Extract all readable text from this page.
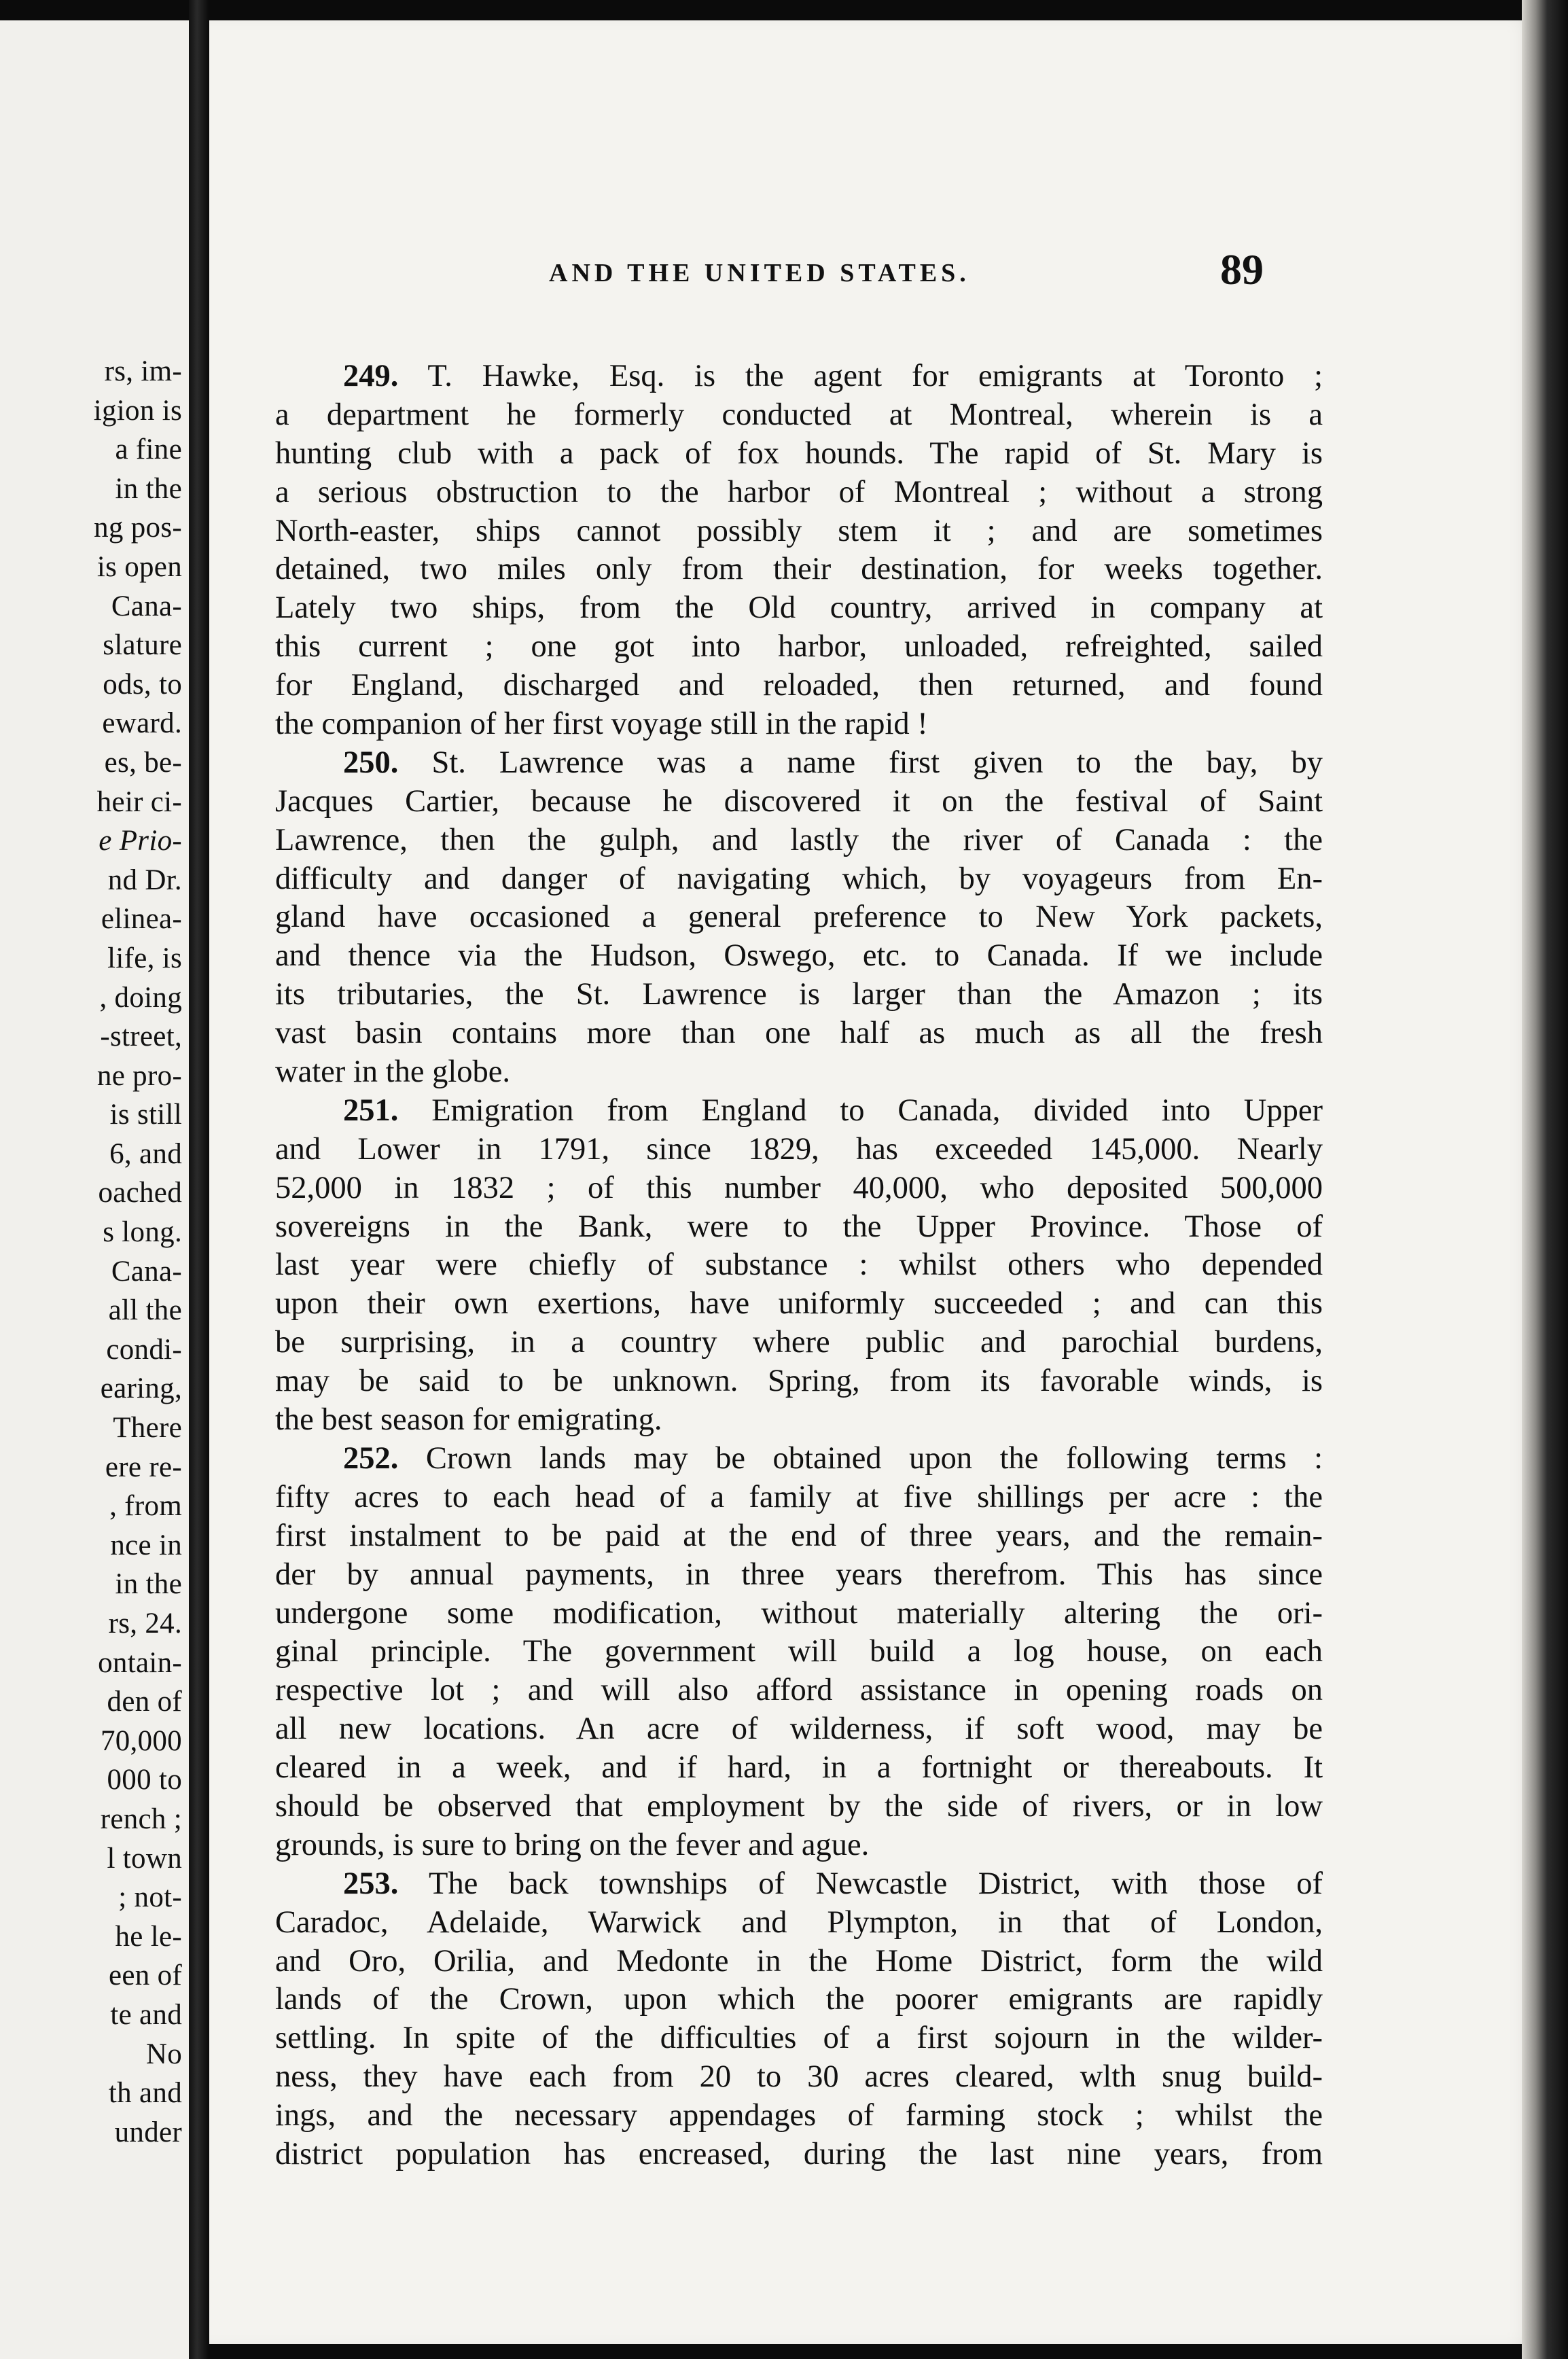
rs, im-
igion is
a fine
in the
ng pos-
is open
Cana-
slature
ods, to
eward.
es, be-
heir ci-
e Prio-
nd Dr.
elinea-
life, is
, doing
-street,
ne pro-
is still
6, and
oached
s long.
Cana-
all the
condi-
earing,
There
ere re-
, from
nce in
in the
rs, 24.
ontain-
den of
70,000
000 to
rench ;
l town
; not-
he le-
een of
te and
No
th and
under
AND THE UNITED STATES.	89
249. T. Hawke, Esq. is the agent for emigrants at Toronto ;
a department he formerly conducted at Montreal, wherein is a
hunting club with a pack of fox hounds. The rapid of St. Mary is
a serious obstruction to the harbor of Montreal ; without a strong
North-easter, ships cannot possibly stem it ; and are sometimes
detained, two miles only from their destination, for weeks together.
Lately two ships, from the Old country, arrived in company at
this current ; one got into harbor, unloaded, refreighted, sailed
for England, discharged and reloaded, then returned, and found
the companion of her first voyage still in the rapid !
250. St. Lawrence was a name first given to the bay, by
Jacques Cartier, because he discovered it on the festival of Saint
Lawrence, then the gulph, and lastly the river of Canada : the
difficulty and danger of navigating which, by voyageurs from En-
gland have occasioned a general preference to New York packets,
and thence via the Hudson, Oswego, etc. to Canada. If we include
its tributaries, the St. Lawrence is larger than the Amazon ; its
vast basin contains more than one half as much as all the fresh
water in the globe.
251. Emigration from England to Canada, divided into Upper
and Lower in 1791, since 1829, has exceeded 145,000. Nearly
52,000 in 1832 ; of this number 40,000, who deposited 500,000
sovereigns in the Bank, were to the Upper Province. Those of
last year were chiefly of substance : whilst others who depended
upon their own exertions, have uniformly succeeded ; and can this
be surprising, in a country where public and parochial burdens,
may be said to be unknown. Spring, from its favorable winds, is
the best season for emigrating.
252. Crown lands may be obtained upon the following terms :
fifty acres to each head of a family at five shillings per acre : the
first instalment to be paid at the end of three years, and the remain-
der by annual payments, in three years therefrom. This has since
undergone some modification, without materially altering the ori-
ginal principle. The government will build a log house, on each
respective lot ; and will also afford assistance in opening roads on
all new locations. An acre of wilderness, if soft wood, may be
cleared in a week, and if hard, in a fortnight or thereabouts. It
should be observed that employment by the side of rivers, or in low
grounds, is sure to bring on the fever and ague.
253. The back townships of Newcastle District, with those of
Caradoc, Adelaide, Warwick and Plympton, in that of London,
and Oro, Orilia, and Medonte in the Home District, form the wild
lands of the Crown, upon which the poorer emigrants are rapidly
settling. In spite of the difficulties of a first sojourn in the wilder-
ness, they have each from 20 to 30 acres cleared, wlth snug build-
ings, and the necessary appendages of farming stock ; whilst the
district population has encreased, during the last nine years, from
